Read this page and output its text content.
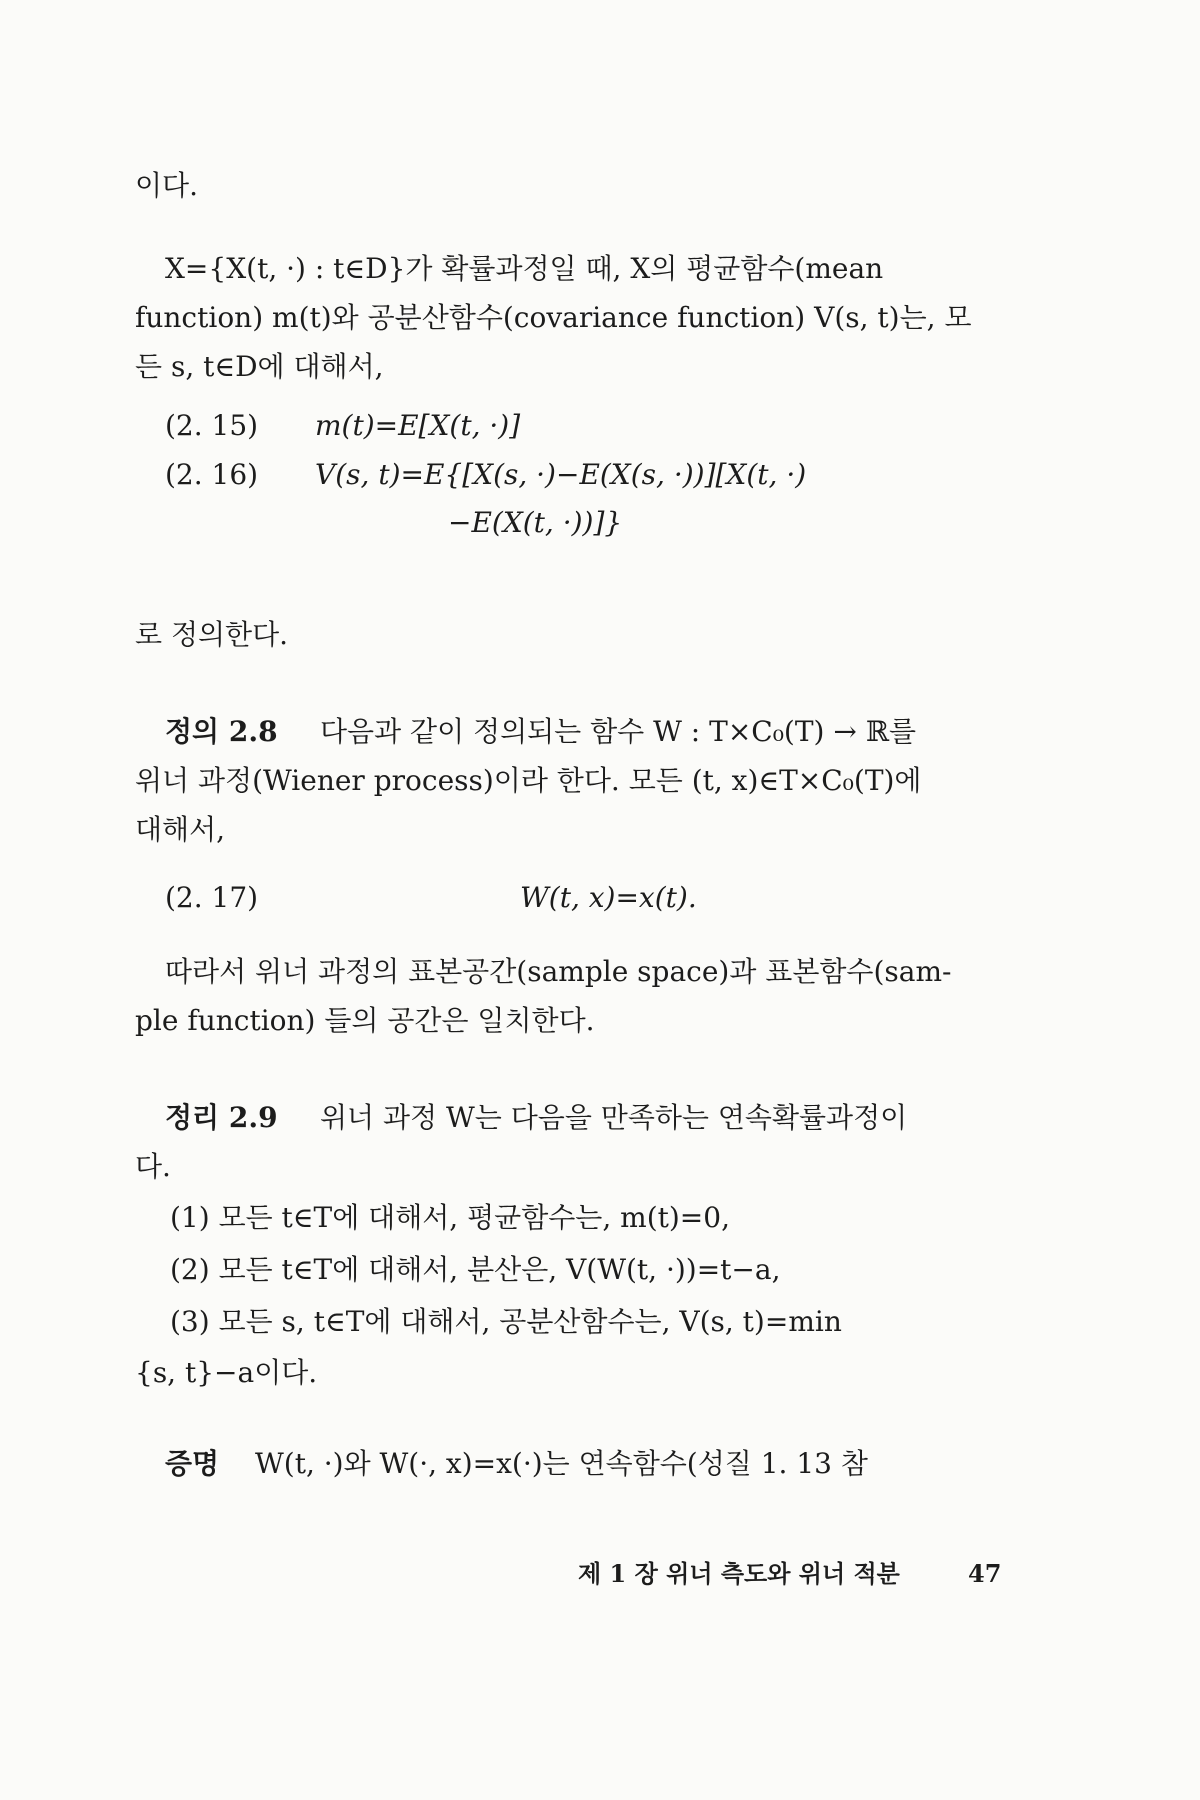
이다.
X={X(t, ·) : t∈D}가 확률과정일 때, X의 평균함수(mean
function) m(t)와 공분산함수(covariance function) V(s, t)는, 모
든 s, t∈D에 대해서,
(2. 15) m(t)=E[X(t, ·)]
(2. 16) V(s, t)=E{[X(s, ·)−E(X(s, ·))][X(t, ·)
−E(X(t, ·))]}
로 정의한다.
정의 2.8 다음과 같이 정의되는 함수 W : T×C₀(T) → ℝ를
위너 과정(Wiener process)이라 한다. 모든 (t, x)∈T×C₀(T)에
대해서,
(2. 17)	W(t, x)=x(t).
따라서 위너 과정의 표본공간(sample space)과 표본함수(sam-
ple function) 들의 공간은 일치한다.
정리 2.9 위너 과정 W는 다음을 만족하는 연속확률과정이
다.
(1) 모든 t∈T에 대해서, 평균함수는, m(t)=0,
(2) 모든 t∈T에 대해서, 분산은, V(W(t, ·))=t−a,
(3) 모든 s, t∈T에 대해서, 공분산함수는, V(s, t)=min
{s, t}−a이다.
증명 W(t, ·)와 W(·, x)=x(·)는 연속함수(성질 1. 13 참
제 1 장 위너 측도와 위너 적분	47
